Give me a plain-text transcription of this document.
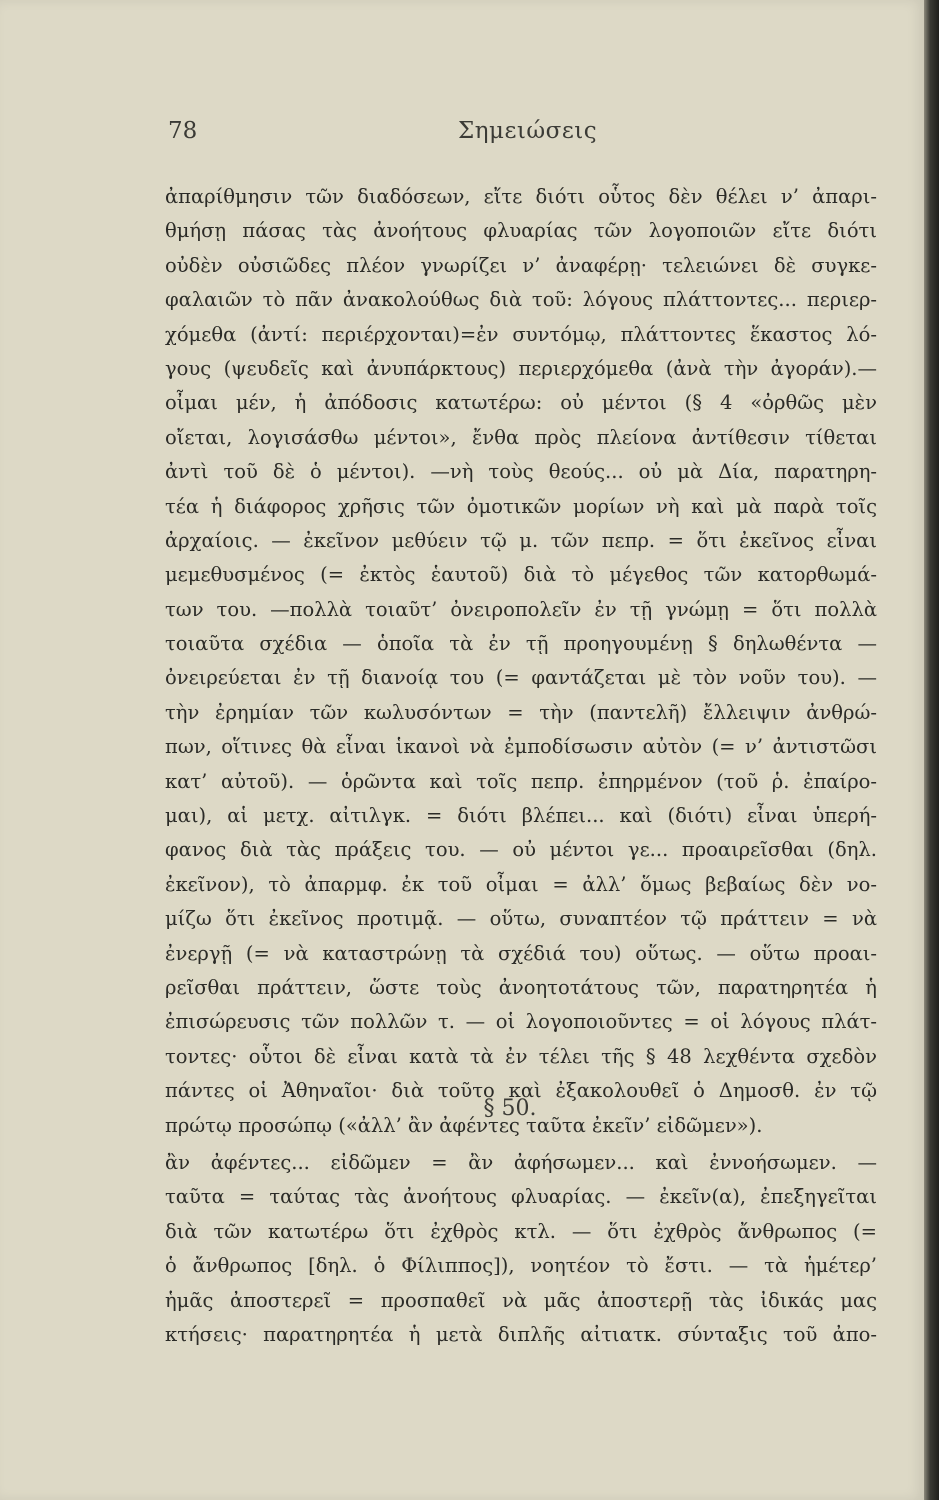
78	Σημειώσεις
ἀπαρίθμησιν τῶν διαδόσεων, εἴτε διότι οὗτος δὲν θέλει ν’ ἀπαρι-
θμήσῃ πάσας τὰς ἀνοήτους φλυαρίας τῶν λογοποιῶν εἴτε διότι
οὐδὲν οὐσιῶδες πλέον γνωρίζει ν’ ἀναφέρῃ· τελειώνει δὲ συγκε-
φαλαιῶν τὸ πᾶν ἀνακολούθως διὰ τοῦ: λόγους πλάττοντες... περιερ-
χόμεθα (ἀντί: περιέρχονται)=ἐν συντόμῳ, πλάττοντες ἕκαστος λό-
γους (ψευδεῖς καὶ ἀνυπάρκτους) περιερχόμεθα (ἀνὰ τὴν ἀγοράν).—
οἶμαι μέν, ἡ ἀπόδοσις κατωτέρω: οὐ μέντοι (§ 4 «ὀρθῶς μὲν
οἴεται, λογισάσθω μέντοι», ἔνθα πρὸς πλείονα ἀντίθεσιν τίθεται
ἀντὶ τοῦ δὲ ὁ μέντοι). —νὴ τοὺς θεούς... οὐ μὰ Δία, παρατηρη-
τέα ἡ διάφορος χρῆσις τῶν ὀμοτικῶν μορίων νὴ καὶ μὰ παρὰ τοῖς
ἀρχαίοις. — ἐκεῖνον μεθύειν τῷ μ. τῶν πεπρ. = ὅτι ἐκεῖνος εἶναι
μεμεθυσμένος (= ἐκτὸς ἑαυτοῦ) διὰ τὸ μέγεθος τῶν κατορθωμά-
των του. —πολλὰ τοιαῦτ’ ὀνειροπολεῖν ἐν τῇ γνώμῃ = ὅτι πολλὰ
τοιαῦτα σχέδια — ὁποῖα τὰ ἐν τῇ προηγουμένῃ § δηλωθέντα —
ὀνειρεύεται ἐν τῇ διανοίᾳ του (= φαντάζεται μὲ τὸν νοῦν του). —
τὴν ἐρημίαν τῶν κωλυσόντων = τὴν (παντελῆ) ἔλλειψιν ἀνθρώ-
πων, οἵτινες θὰ εἶναι ἱκανοὶ νὰ ἐμποδίσωσιν αὐτὸν (= ν’ ἀντιστῶσι
κατ’ αὐτοῦ). — ὁρῶντα καὶ τοῖς πεπρ. ἐπηρμένον (τοῦ ῥ. ἐπαίρο-
μαι), αἱ μετχ. αἰτιλγκ. = διότι βλέπει... καὶ (διότι) εἶναι ὑπερή-
φανος διὰ τὰς πράξεις του. — οὐ μέντοι γε... προαιρεῖσθαι (δηλ.
ἐκεῖνον), τὸ ἀπαρμφ. ἐκ τοῦ οἶμαι = ἀλλ’ ὅμως βεβαίως δὲν νο-
μίζω ὅτι ἐκεῖνος προτιμᾷ. — οὕτω, συναπτέον τῷ πράττειν = νὰ
ἐνεργῇ (= νὰ καταστρώνῃ τὰ σχέδιά του) οὕτως. — οὕτω προαι-
ρεῖσθαι πράττειν, ὥστε τοὺς ἀνοητοτάτους τῶν, παρατηρητέα ἡ
ἐπισώρευσις τῶν πολλῶν τ. — οἱ λογοποιοῦντες = οἱ λόγους πλάτ-
τοντες· οὗτοι δὲ εἶναι κατὰ τὰ ἐν τέλει τῆς § 48 λεχθέντα σχεδὸν
πάντες οἱ Ἀθηναῖοι· διὰ τοῦτο καὶ ἐξακολουθεῖ ὁ Δημοσθ. ἐν τῷ
πρώτῳ προσώπῳ («ἀλλ’ ἂν ἀφέντες ταῦτα ἐκεῖν’ εἰδῶμεν»).
§ 50.
ἂν ἀφέντες... εἰδῶμεν = ἂν ἀφήσωμεν... καὶ ἐννοήσωμεν. —
ταῦτα = ταύτας τὰς ἀνοήτους φλυαρίας. — ἐκεῖν(α), ἐπεξηγεῖται
διὰ τῶν κατωτέρω ὅτι ἐχθρὸς κτλ. — ὅτι ἐχθρὸς ἄνθρωπος (=
ὁ ἄνθρωπος [δηλ. ὁ Φίλιππος]), νοητέον τὸ ἔστι. — τὰ ἡμέτερ’
ἡμᾶς ἀποστερεῖ = προσπαθεῖ νὰ μᾶς ἀποστερῇ τὰς ἰδικάς μας
κτήσεις· παρατηρητέα ἡ μετὰ διπλῆς αἰτιατκ. σύνταξις τοῦ ἀπο-
